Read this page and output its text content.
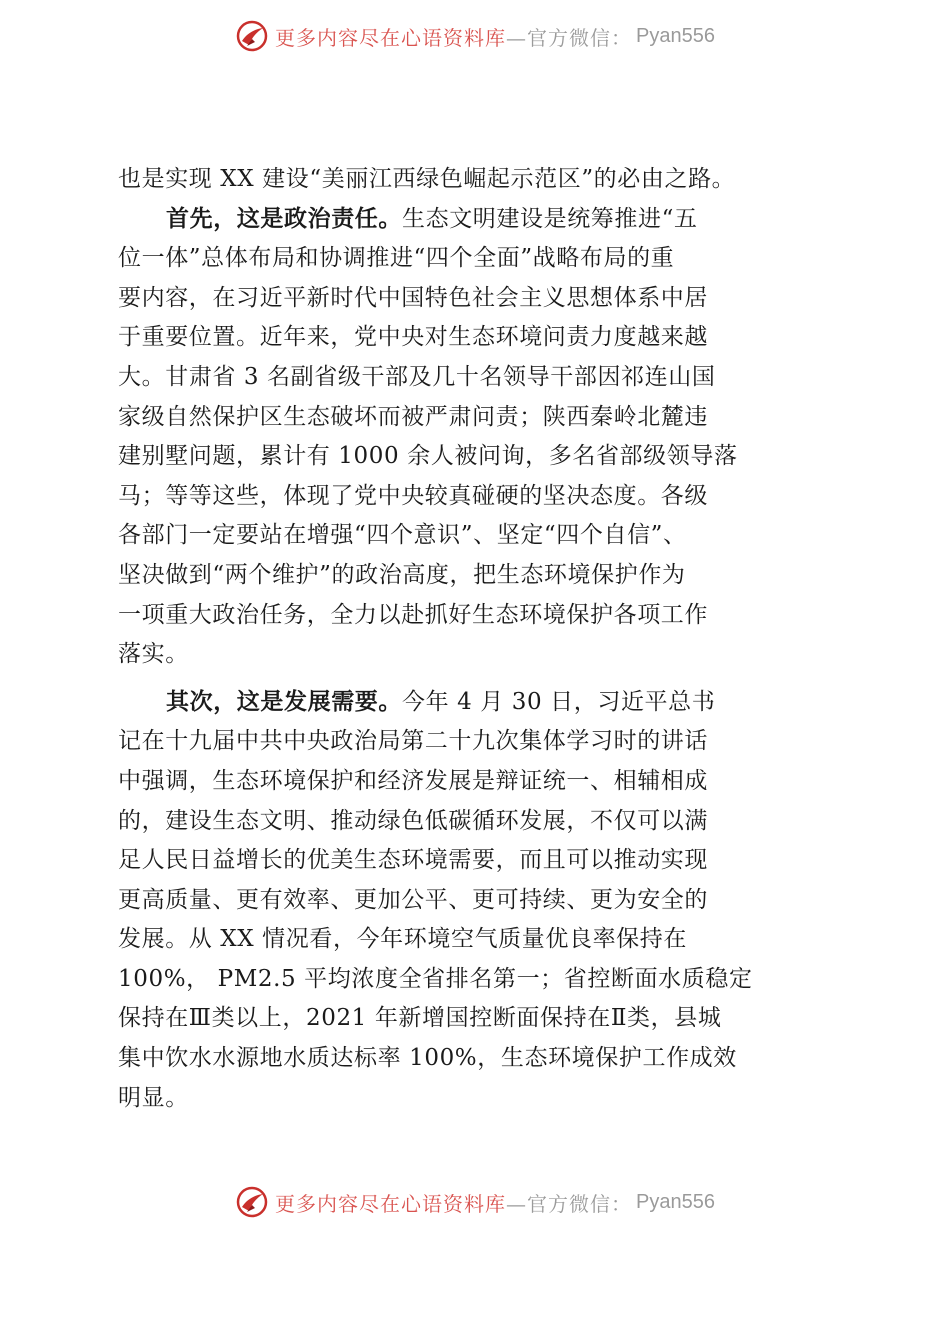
更多内容尽在心语资料库 —官方微信： Pyan556
也是实现 XX 建设“美丽江西绿色崛起示范区”的必由之路。
首先，这是政治责任。生态文明建设是统筹推进“五
位一体”总体布局和协调推进“四个全面”战略布局的重
要内容，在习近平新时代中国特色社会主义思想体系中居
于重要位置。近年来，党中央对生态环境问责力度越来越
大。甘肃省 3 名副省级干部及几十名领导干部因祁连山国
家级自然保护区生态破坏而被严肃问责；陕西秦岭北麓违
建别墅问题，累计有 1000 余人被问询，多名省部级领导落
马；等等这些，体现了党中央较真碰硬的坚决态度。各级
各部门一定要站在增强“四个意识”、坚定“四个自信”、
坚决做到“两个维护”的政治高度，把生态环境保护作为
一项重大政治任务，全力以赴抓好生态环境保护各项工作
落实。
其次，这是发展需要。今年 4 月 30 日，习近平总书
记在十九届中共中央政治局第二十九次集体学习时的讲话
中强调，生态环境保护和经济发展是辩证统一、相辅相成
的，建设生态文明、推动绿色低碳循环发展，不仅可以满
足人民日益增长的优美生态环境需要，而且可以推动实现
更高质量、更有效率、更加公平、更可持续、更为安全的
发展。从 XX 情况看，今年环境空气质量优良率保持在
100%， PM2.5 平均浓度全省排名第一；省控断面水质稳定
保持在Ⅲ类以上，2021 年新增国控断面保持在Ⅱ类，县城
集中饮水水源地水质达标率 100%，生态环境保护工作成效
明显。
更多内容尽在心语资料库 —官方微信： Pyan556
